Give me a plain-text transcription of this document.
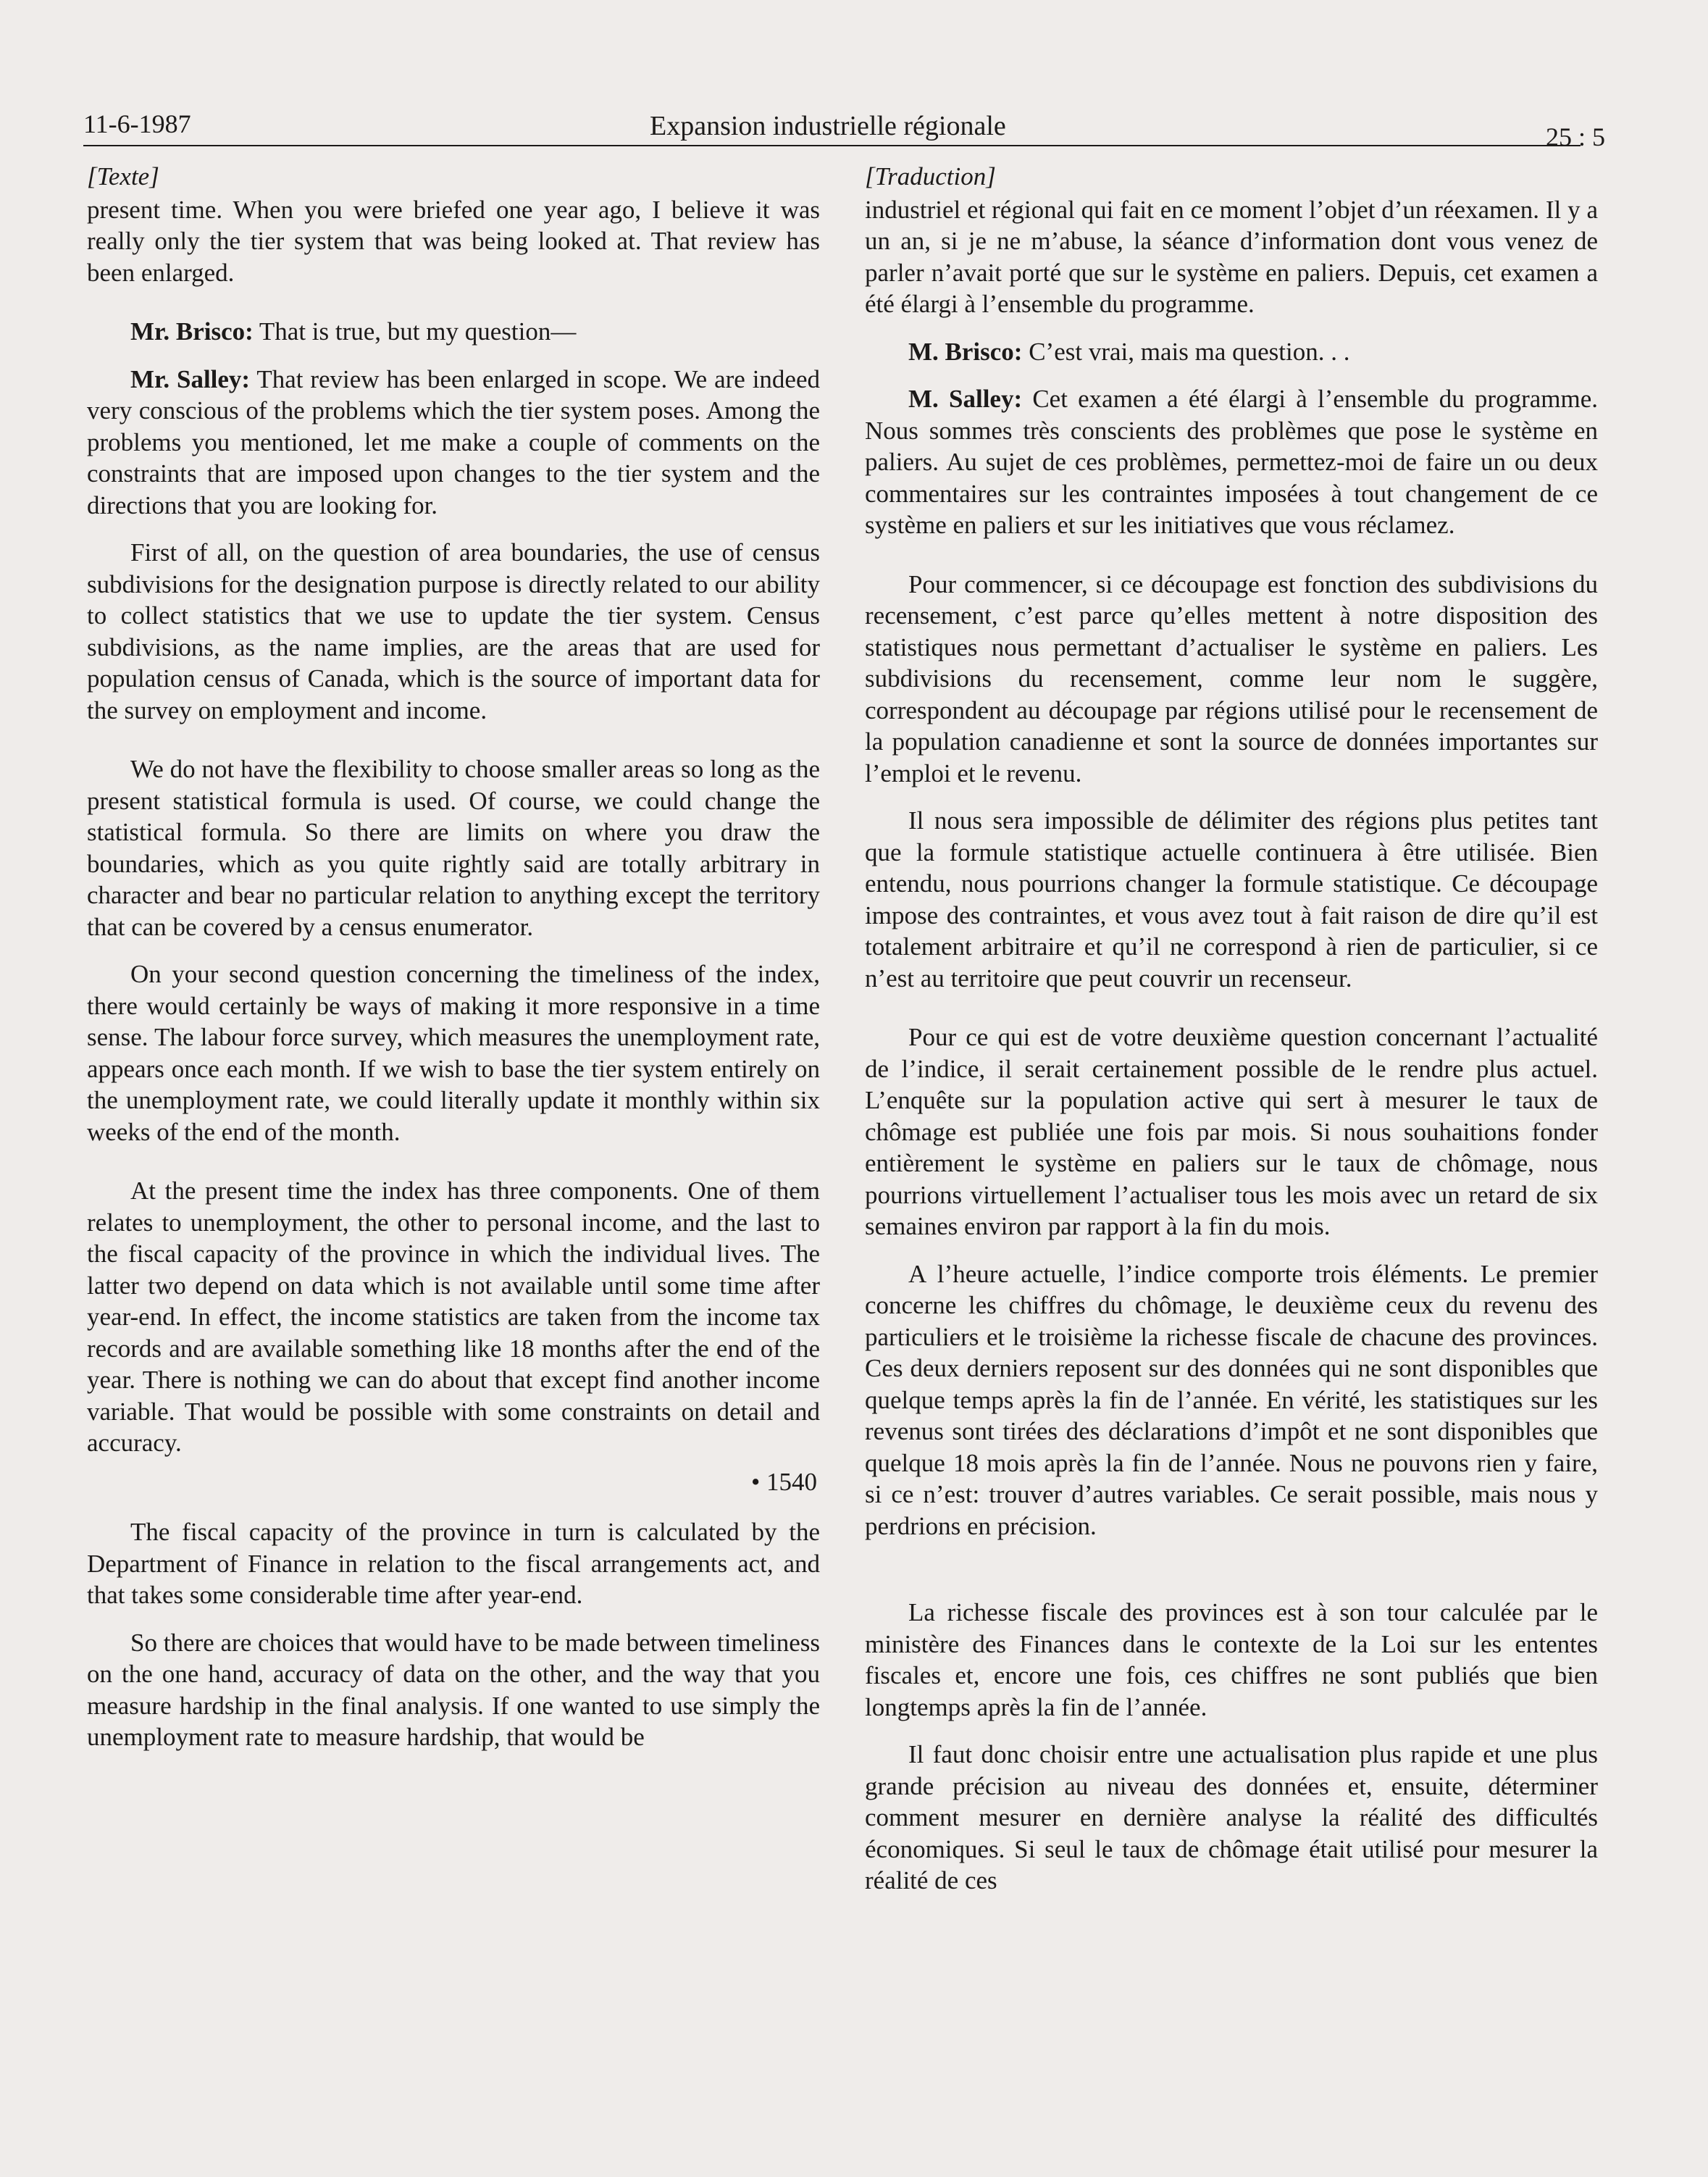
11-6-1987	Expansion industrielle régionale	25 : 5
[Texte]

present time. When you were briefed one year ago, I believe it was really only the tier system that was being looked at. That review has been enlarged.

Mr. Brisco: That is true, but my question—

Mr. Salley: That review has been enlarged in scope. We are indeed very conscious of the problems which the tier system poses. Among the problems you mentioned, let me make a couple of comments on the constraints that are imposed upon changes to the tier system and the directions that you are looking for.

First of all, on the question of area boundaries, the use of census subdivisions for the designation purpose is directly related to our ability to collect statistics that we use to update the tier system. Census subdivisions, as the name implies, are the areas that are used for population census of Canada, which is the source of important data for the survey on employment and income.

We do not have the flexibility to choose smaller areas so long as the present statistical formula is used. Of course, we could change the statistical formula. So there are limits on where you draw the boundaries, which as you quite rightly said are totally arbitrary in character and bear no particular relation to anything except the territory that can be covered by a census enumerator.

On your second question concerning the timeliness of the index, there would certainly be ways of making it more responsive in a time sense. The labour force survey, which measures the unemployment rate, appears once each month. If we wish to base the tier system entirely on the unemployment rate, we could literally update it monthly within six weeks of the end of the month.

At the present time the index has three components. One of them relates to unemployment, the other to personal income, and the last to the fiscal capacity of the province in which the individual lives. The latter two depend on data which is not available until some time after year-end. In effect, the income statistics are taken from the income tax records and are available something like 18 months after the end of the year. There is nothing we can do about that except find another income variable. That would be possible with some constraints on detail and accuracy.

• 1540

The fiscal capacity of the province in turn is calculated by the Department of Finance in relation to the fiscal arrangements act, and that takes some considerable time after year-end.

So there are choices that would have to be made between timeliness on the one hand, accuracy of data on the other, and the way that you measure hardship in the final analysis. If one wanted to use simply the unemployment rate to measure hardship, that would be

[Traduction]

industriel et régional qui fait en ce moment l’objet d’un réexamen. Il y a un an, si je ne m’abuse, la séance d’information dont vous venez de parler n’avait porté que sur le système en paliers. Depuis, cet examen a été élargi à l’ensemble du programme.

M. Brisco: C’est vrai, mais ma question. . .

M. Salley: Cet examen a été élargi à l’ensemble du programme. Nous sommes très conscients des problèmes que pose le système en paliers. Au sujet de ces problèmes, permettez-moi de faire un ou deux commentaires sur les contraintes imposées à tout changement de ce système en paliers et sur les initiatives que vous réclamez.

Pour commencer, si ce découpage est fonction des subdivisions du recensement, c’est parce qu’elles mettent à notre disposition des statistiques nous permettant d’actualiser le système en paliers. Les subdivisions du recensement, comme leur nom le suggère, correspondent au découpage par régions utilisé pour le recensement de la population canadienne et sont la source de données importantes sur l’emploi et le revenu.

Il nous sera impossible de délimiter des régions plus petites tant que la formule statistique actuelle continuera à être utilisée. Bien entendu, nous pourrions changer la formule statistique. Ce découpage impose des contraintes, et vous avez tout à fait raison de dire qu’il est totalement arbitraire et qu’il ne correspond à rien de particulier, si ce n’est au territoire que peut couvrir un recenseur.

Pour ce qui est de votre deuxième question concernant l’actualité de l’indice, il serait certainement possible de le rendre plus actuel. L’enquête sur la population active qui sert à mesurer le taux de chômage est publiée une fois par mois. Si nous souhaitions fonder entièrement le système en paliers sur le taux de chômage, nous pourrions virtuellement l’actualiser tous les mois avec un retard de six semaines environ par rapport à la fin du mois.

A l’heure actuelle, l’indice comporte trois éléments. Le premier concerne les chiffres du chômage, le deuxième ceux du revenu des particuliers et le troisième la richesse fiscale de chacune des provinces. Ces deux derniers reposent sur des données qui ne sont disponibles que quelque temps après la fin de l’année. En vérité, les statistiques sur les revenus sont tirées des déclarations d’impôt et ne sont disponibles que quelque 18 mois après la fin de l’année. Nous ne pouvons rien y faire, si ce n’est: trouver d’autres variables. Ce serait possible, mais nous y perdrions en précision.

La richesse fiscale des provinces est à son tour calculée par le ministère des Finances dans le contexte de la Loi sur les ententes fiscales et, encore une fois, ces chiffres ne sont publiés que bien longtemps après la fin de l’année.

Il faut donc choisir entre une actualisation plus rapide et une plus grande précision au niveau des données et, ensuite, déterminer comment mesurer en dernière analyse la réalité des difficultés économiques. Si seul le taux de chômage était utilisé pour mesurer la réalité de ces
